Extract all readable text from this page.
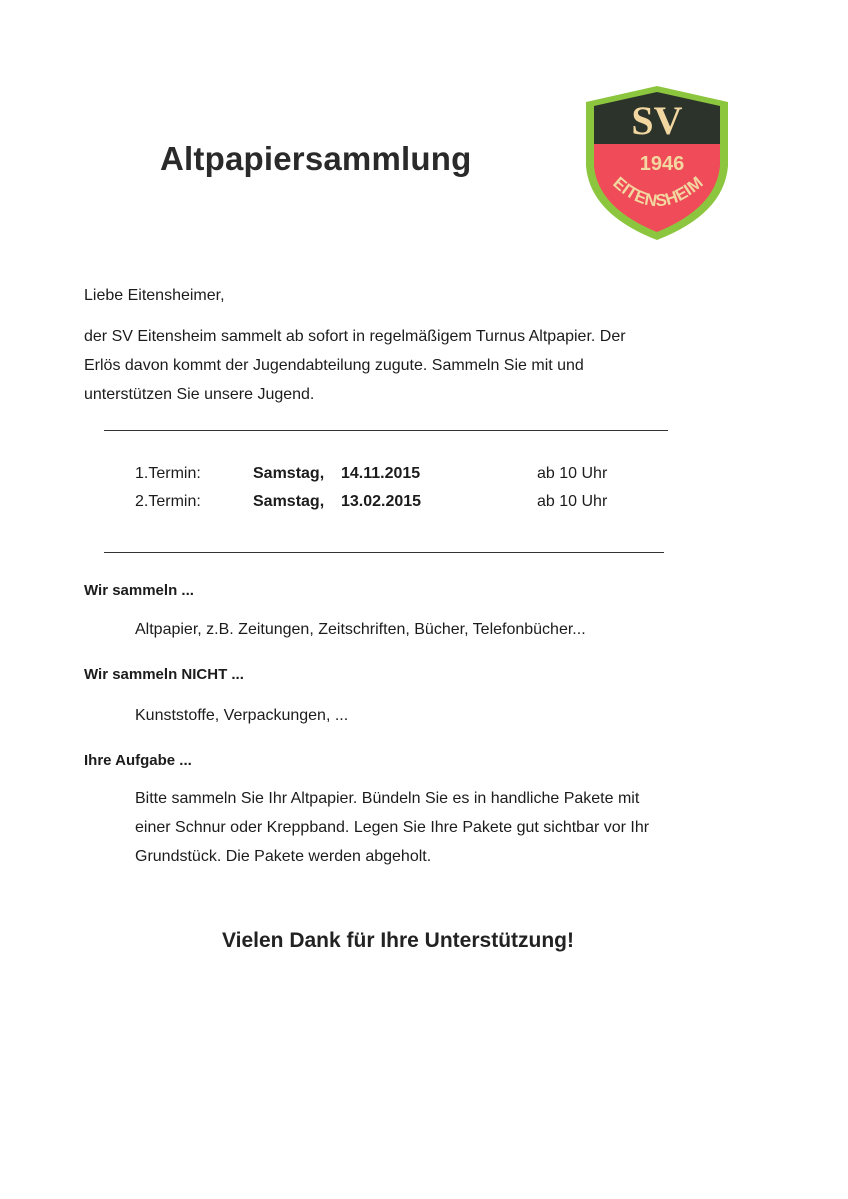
Altpapiersammlung
SV
1946
EITENSHEIM
Liebe Eitensheimer,
der SV Eitensheim sammelt ab sofort in regelmäßigem Turnus Altpapier. Der
Erlös davon kommt der Jugendabteilung zugute. Sammeln Sie mit und
unterstützen Sie unsere Jugend.
1.Termin:	Samstag, 14.11.2015	ab 10 Uhr
2.Termin:	Samstag, 13.02.2015	ab 10 Uhr
Wir sammeln ...
Altpapier, z.B. Zeitungen, Zeitschriften, Bücher, Telefonbücher...
Wir sammeln NICHT ...
Kunststoffe, Verpackungen, ...
Ihre Aufgabe ...
Bitte sammeln Sie Ihr Altpapier. Bündeln Sie es in handliche Pakete mit
einer Schnur oder Kreppband. Legen Sie Ihre Pakete gut sichtbar vor Ihr
Grundstück. Die Pakete werden abgeholt.
Vielen Dank für Ihre Unterstützung!
